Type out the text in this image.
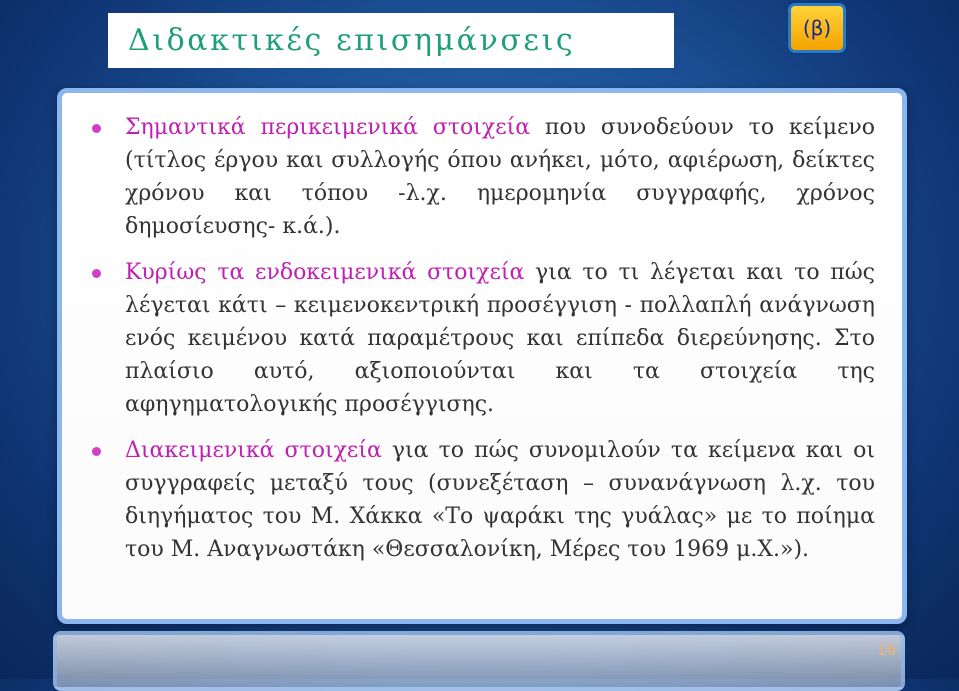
Διδακτικές επισημάνσεις	(β)
Σημαντικά περικειμενικά στοιχεία που συνοδεύουν το κείμενο (τίτλος έργου και συλλογής όπου ανήκει, μότο, αφιέρωση, δείκτες χρόνου και τόπου -λ.χ. ημερομηνία συγγραφής, χρόνος δημοσίευσης- κ.ά.).
Κυρίως τα ενδοκειμενικά στοιχεία για το τι λέγεται και το πώς λέγεται κάτι – κειμενοκεντρική προσέγγιση - πολλαπλή ανάγνωση ενός κειμένου κατά παραμέτρους και επίπεδα διερεύνησης. Στο πλαίσιο αυτό, αξιοποιούνται και τα στοιχεία της αφηγηματολογικής προσέγγισης.
Διακειμενικά στοιχεία για το πώς συνομιλούν τα κείμενα και οι συγγραφείς μεταξύ τους (συνεξέταση – συνανάγνωση λ.χ. του διηγήματος του Μ. Χάκκα «Το ψαράκι της γυάλας» με το ποίημα του Μ. Αναγνωστάκη «Θεσσαλονίκη, Μέρες του 1969 μ.Χ.»).
16
